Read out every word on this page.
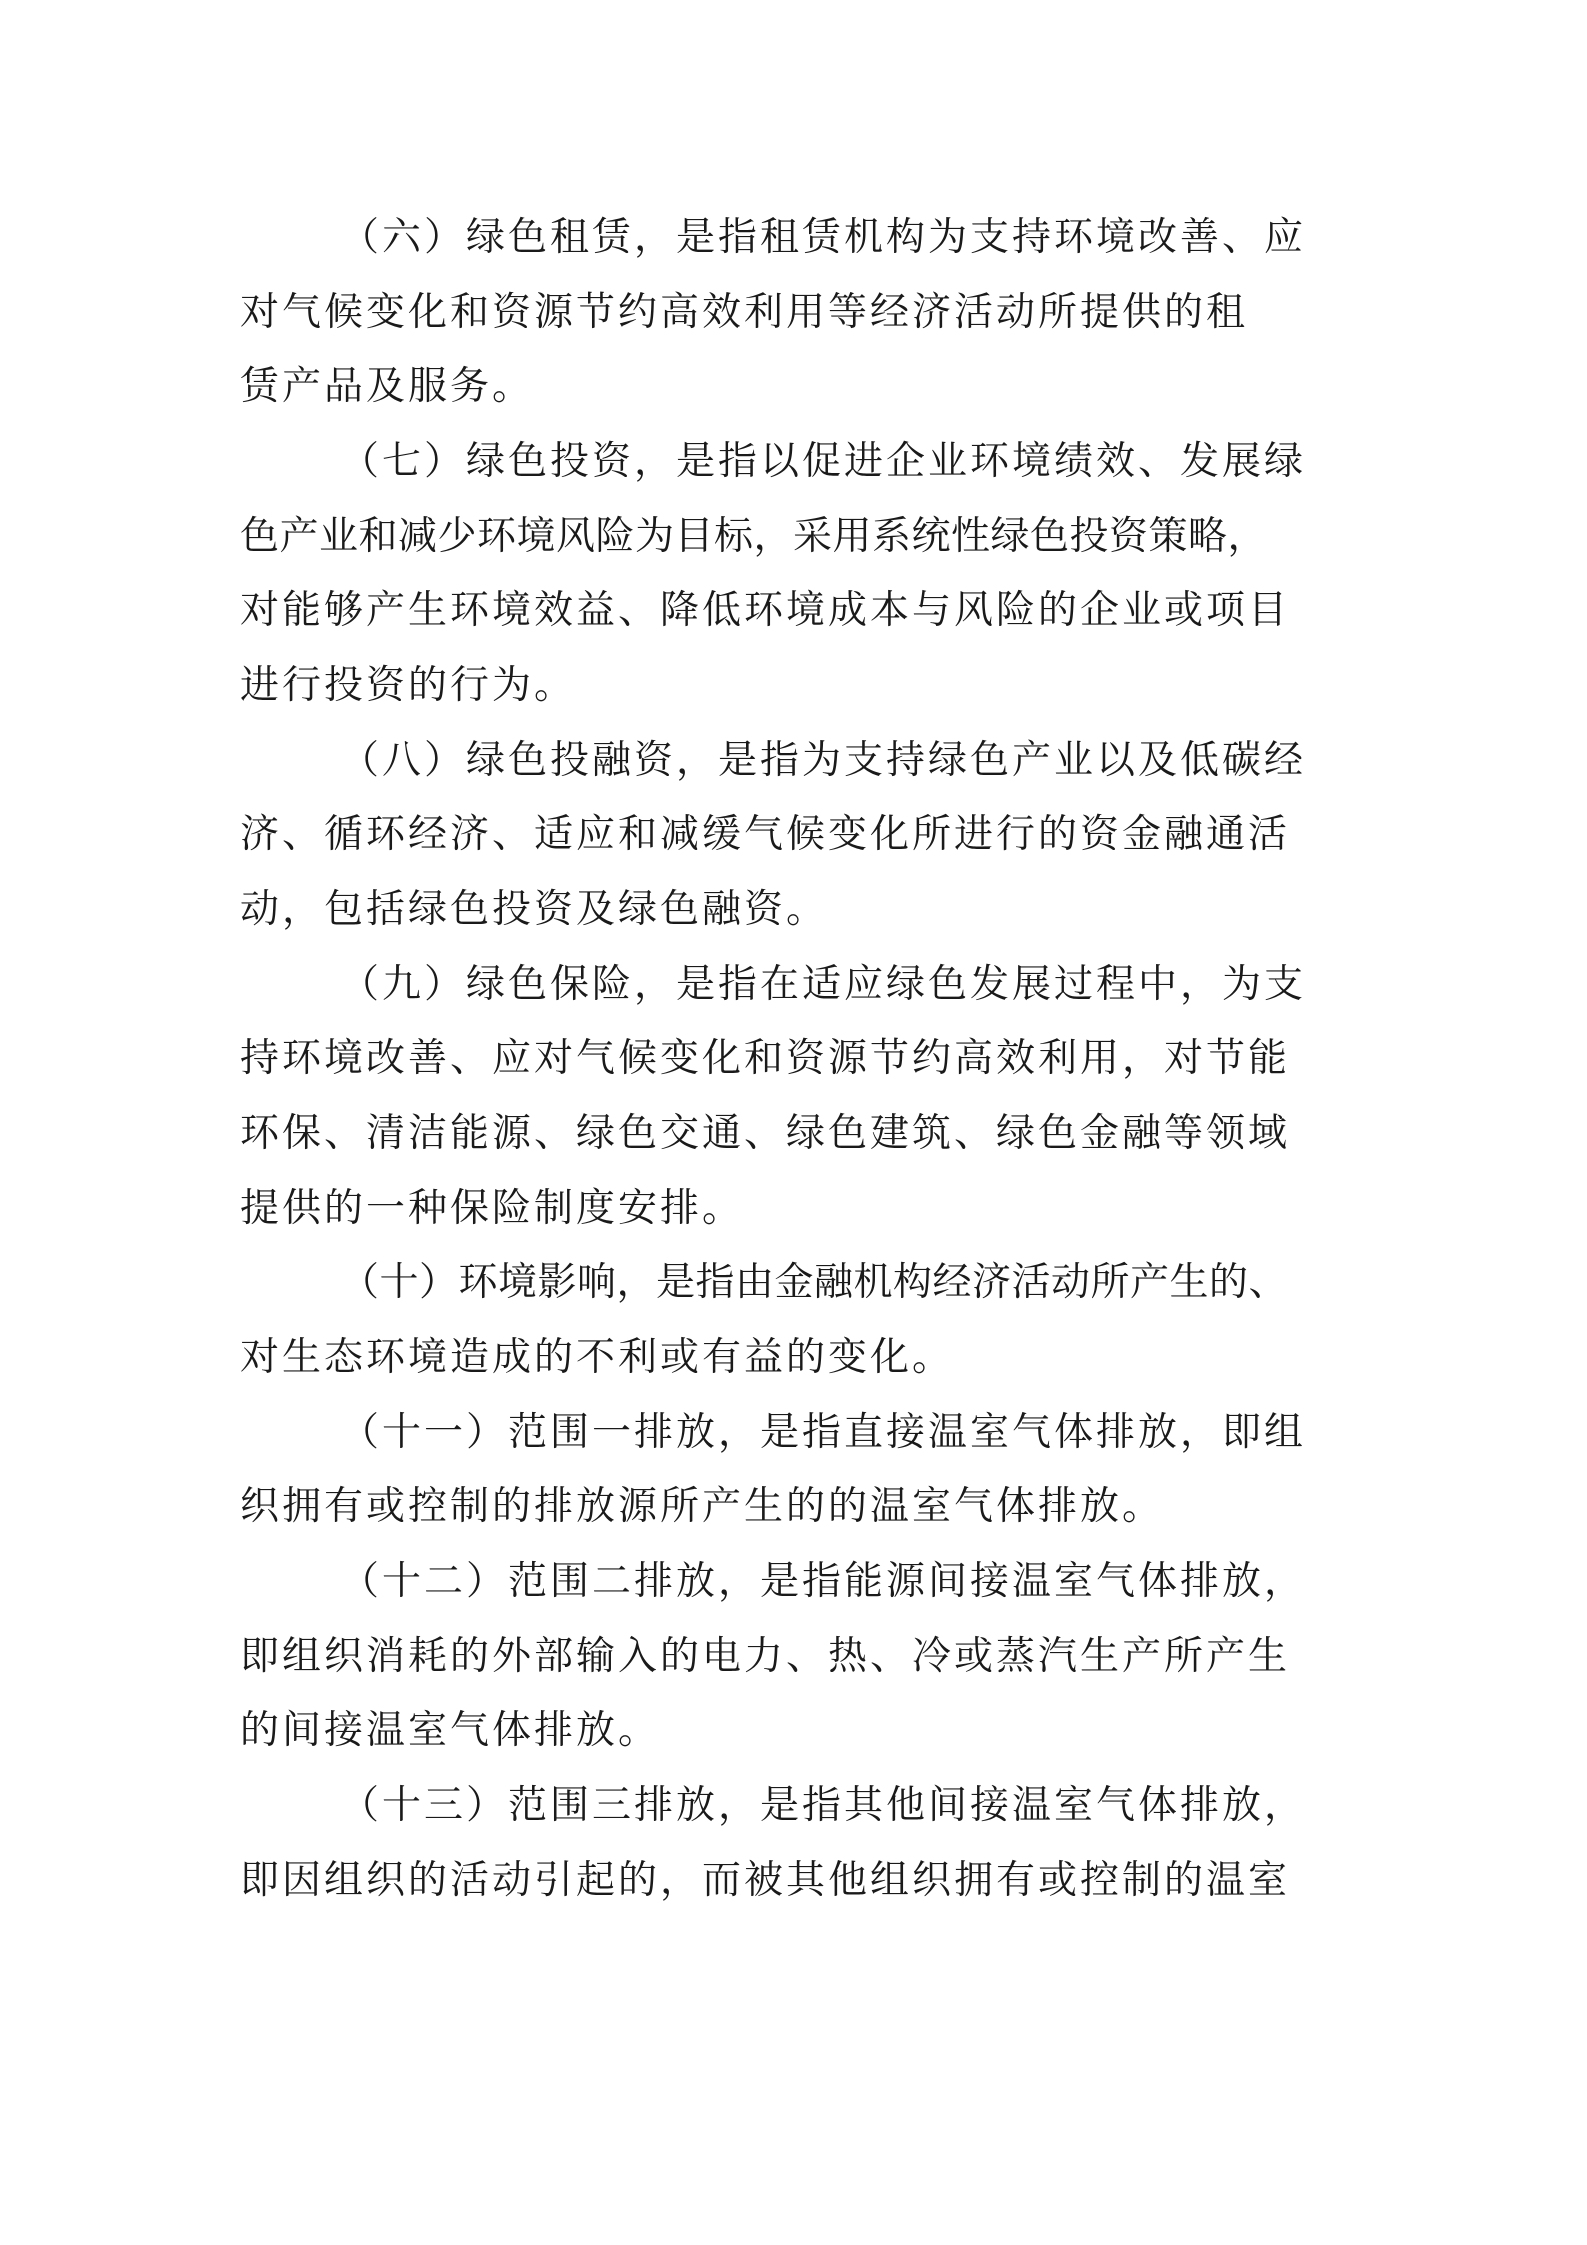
（六）绿色租赁，是指租赁机构为支持环境改善、应
对气候变化和资源节约高效利用等经济活动所提供的租
赁产品及服务。
（七）绿色投资，是指以促进企业环境绩效、发展绿
色产业和减少环境风险为目标，采用系统性绿色投资策略，
对能够产生环境效益、降低环境成本与风险的企业或项目
进行投资的行为。
（八）绿色投融资，是指为支持绿色产业以及低碳经
济、循环经济、适应和减缓气候变化所进行的资金融通活
动，包括绿色投资及绿色融资。
（九）绿色保险，是指在适应绿色发展过程中，为支
持环境改善、应对气候变化和资源节约高效利用，对节能
环保、清洁能源、绿色交通、绿色建筑、绿色金融等领域
提供的一种保险制度安排。
（十）环境影响，是指由金融机构经济活动所产生的、
对生态环境造成的不利或有益的变化。
（十一）范围一排放，是指直接温室气体排放，即组
织拥有或控制的排放源所产生的的温室气体排放。
（十二）范围二排放，是指能源间接温室气体排放，
即组织消耗的外部输入的电力、热、冷或蒸汽生产所产生
的间接温室气体排放。
（十三）范围三排放，是指其他间接温室气体排放，
即因组织的活动引起的，而被其他组织拥有或控制的温室
